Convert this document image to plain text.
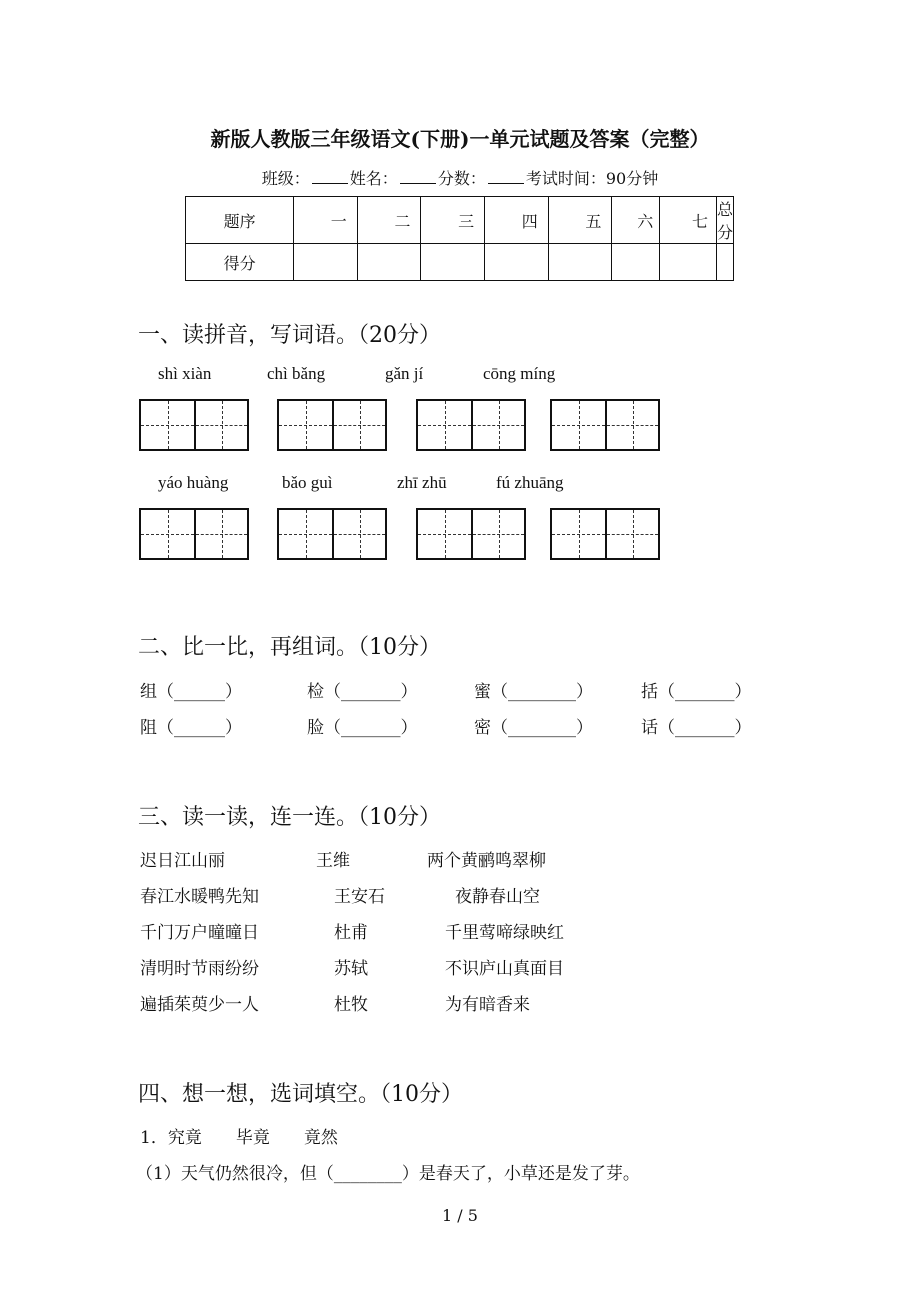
新版人教版三年级语文(下册)一单元试题及答案（完整）
班级：	姓名：	分数：	考试时间：90分钟
题序	一	二	三	四	五	六	七	总分
得分								
一、读拼音，写词语。（20分）
shì xiàn	chì bǎng	gǎn jí	cōng míng
yáo huàng	bǎo guì	zhī zhū	fú zhuāng
二、比一比，再组词。（10分）
组（______）	检（_______）	蜜（________）	括（_______）
阻（______）	脸（_______）	密（________）	话（_______）
三、读一读，连一连。（10分）
迟日江山丽	王维	两个黄鹂鸣翠柳
春江水暖鸭先知	王安石	夜静春山空
千门万户曈曈日	杜甫	千里莺啼绿映红
清明时节雨纷纷	苏轼	不识庐山真面目
遍插茱萸少一人	杜牧	为有暗香来
四、想一想，选词填空。（10分）
1．究竟　　毕竟　　竟然
（1）天气仍然很冷，但（________）是春天了，小草还是发了芽。
1 / 5
